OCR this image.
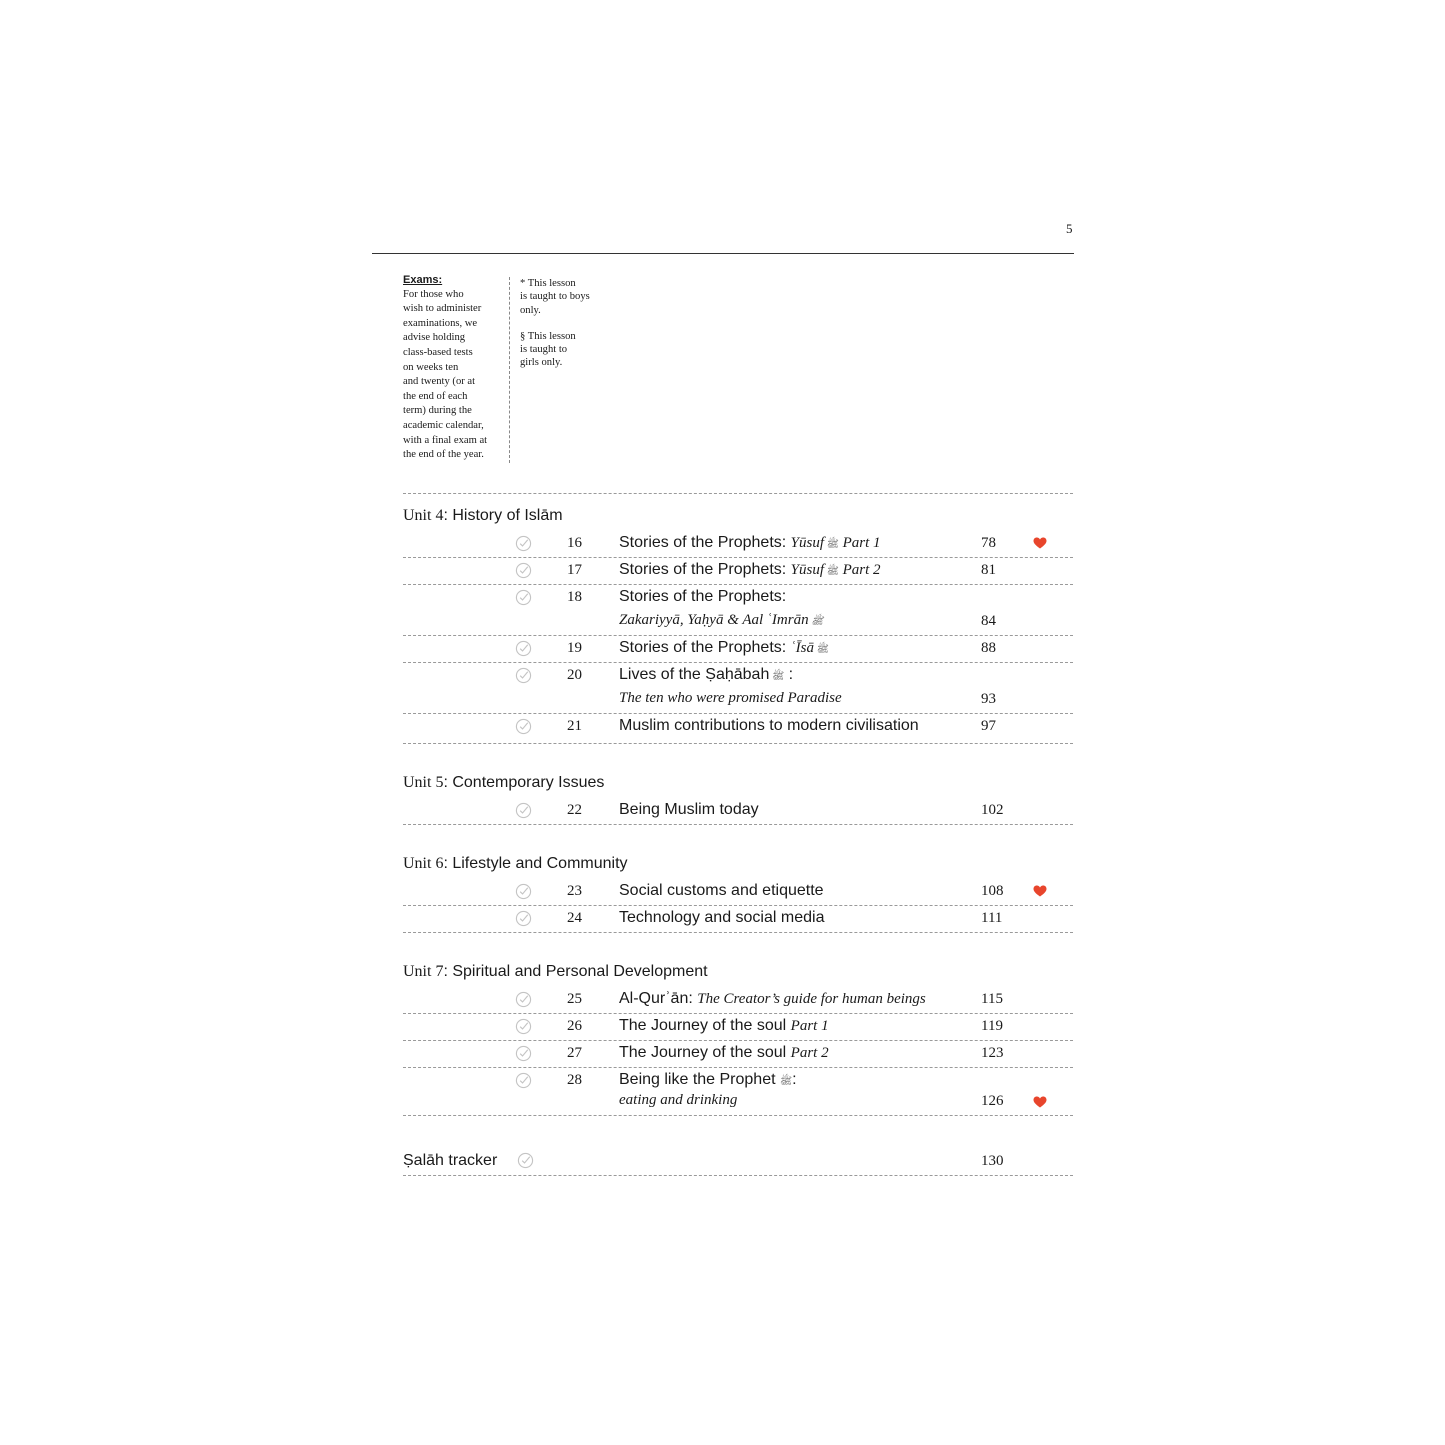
5
Exams:
For those who
wish to administer
examinations, we
advise holding
class-based tests
on weeks ten
and twenty (or at
the end of each
term) during the
academic calendar,
with a final exam at
the end of the year.

* This lesson
is taught to boys
only.

§ This lesson
is taught to
girls only.

Unit 4: History of Islām
16 Stories of the Prophets: Yūsuf ﷺ Part 1	78
17 Stories of the Prophets: Yūsuf ﷺ Part 2	81
18 Stories of the Prophets:
Zakariyyā, Yaḥyā & Aal ʿImrān ﷺ	84
19 Stories of the Prophets: ʿĪsā ﷺ	88
20 Lives of the Ṣaḥābah ﷺ :
The ten who were promised Paradise	93
21 Muslim contributions to modern civilisation	97
Unit 5: Contemporary Issues
22 Being Muslim today	102
Unit 6: Lifestyle and Community
23 Social customs and etiquette	108
24 Technology and social media	111
Unit 7: Spiritual and Personal Development
25 Al-Qurʾān: The Creator’s guide for human beings	115
26 The Journey of the soul Part 1	119
27 The Journey of the soul Part 2	123
28 Being like the Prophet ﷺ:
eating and drinking	126
Ṣalāh tracker	130
